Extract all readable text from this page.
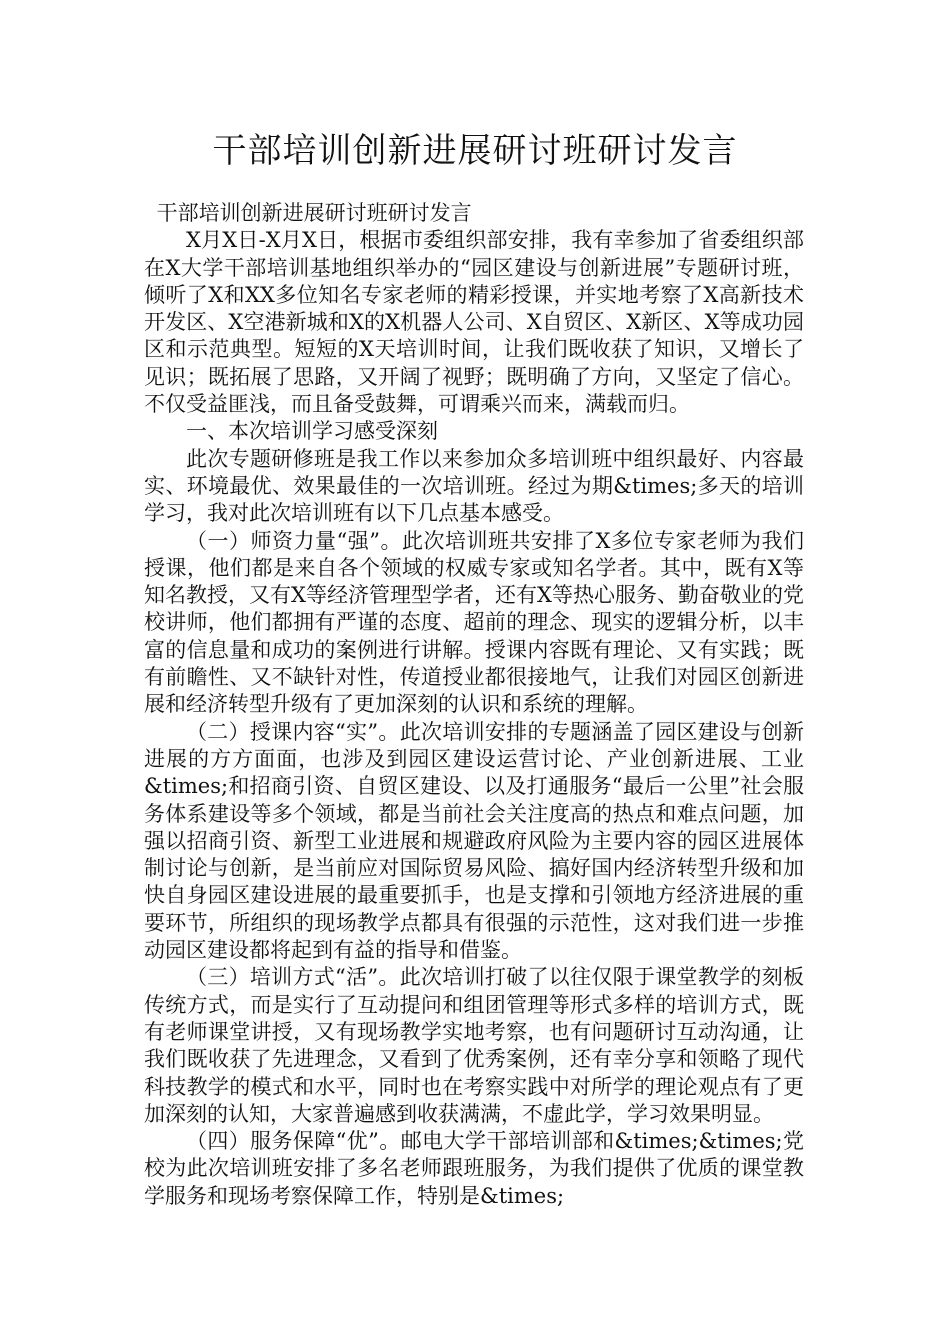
干部培训创新进展研讨班研讨发言

干部培训创新进展研讨班研讨发言

X月X日-X月X日，根据市委组织部安排，我有幸参加了省委组织部在X大学干部培训基地组织举办的“园区建设与创新进展”专题研讨班，倾听了X和XX多位知名专家老师的精彩授课，并实地考察了X高新技术开发区、X空港新城和X的X机器人公司、X自贸区、X新区、X等成功园区和示范典型。短短的X天培训时间，让我们既收获了知识，又增长了见识；既拓展了思路，又开阔了视野；既明确了方向，又坚定了信心。不仅受益匪浅，而且备受鼓舞，可谓乘兴而来，满载而归。

一、本次培训学习感受深刻

此次专题研修班是我工作以来参加众多培训班中组织最好、内容最实、环境最优、效果最佳的一次培训班。经过为期&times;多天的培训学习，我对此次培训班有以下几点基本感受。

（一）师资力量“强”。此次培训班共安排了X多位专家老师为我们授课，他们都是来自各个领域的权威专家或知名学者。其中，既有X等知名教授，又有X等经济管理型学者，还有X等热心服务、勤奋敬业的党校讲师，他们都拥有严谨的态度、超前的理念、现实的逻辑分析，以丰富的信息量和成功的案例进行讲解。授课内容既有理论、又有实践；既有前瞻性、又不缺针对性，传道授业都很接地气，让我们对园区创新进展和经济转型升级有了更加深刻的认识和系统的理解。

（二）授课内容“实”。此次培训安排的专题涵盖了园区建设与创新进展的方方面面，也涉及到园区建设运营讨论、产业创新进展、工业&times;和招商引资、自贸区建设、以及打通服务“最后一公里”社会服务体系建设等多个领域，都是当前社会关注度高的热点和难点问题，加强以招商引资、新型工业进展和规避政府风险为主要内容的园区进展体制讨论与创新，是当前应对国际贸易风险、搞好国内经济转型升级和加快自身园区建设进展的最重要抓手，也是支撑和引领地方经济进展的重要环节，所组织的现场教学点都具有很强的示范性，这对我们进一步推动园区建设都将起到有益的指导和借鉴。

（三）培训方式“活”。此次培训打破了以往仅限于课堂教学的刻板传统方式，而是实行了互动提问和组团管理等形式多样的培训方式，既有老师课堂讲授，又有现场教学实地考察，也有问题研讨互动沟通，让我们既收获了先进理念，又看到了优秀案例，还有幸分享和领略了现代科技教学的模式和水平，同时也在考察实践中对所学的理论观点有了更加深刻的认知，大家普遍感到收获满满，不虚此学，学习效果明显。

（四）服务保障“优”。邮电大学干部培训部和&times;&times;党校为此次培训班安排了多名老师跟班服务，为我们提供了优质的课堂教学服务和现场考察保障工作，特别是&times;
